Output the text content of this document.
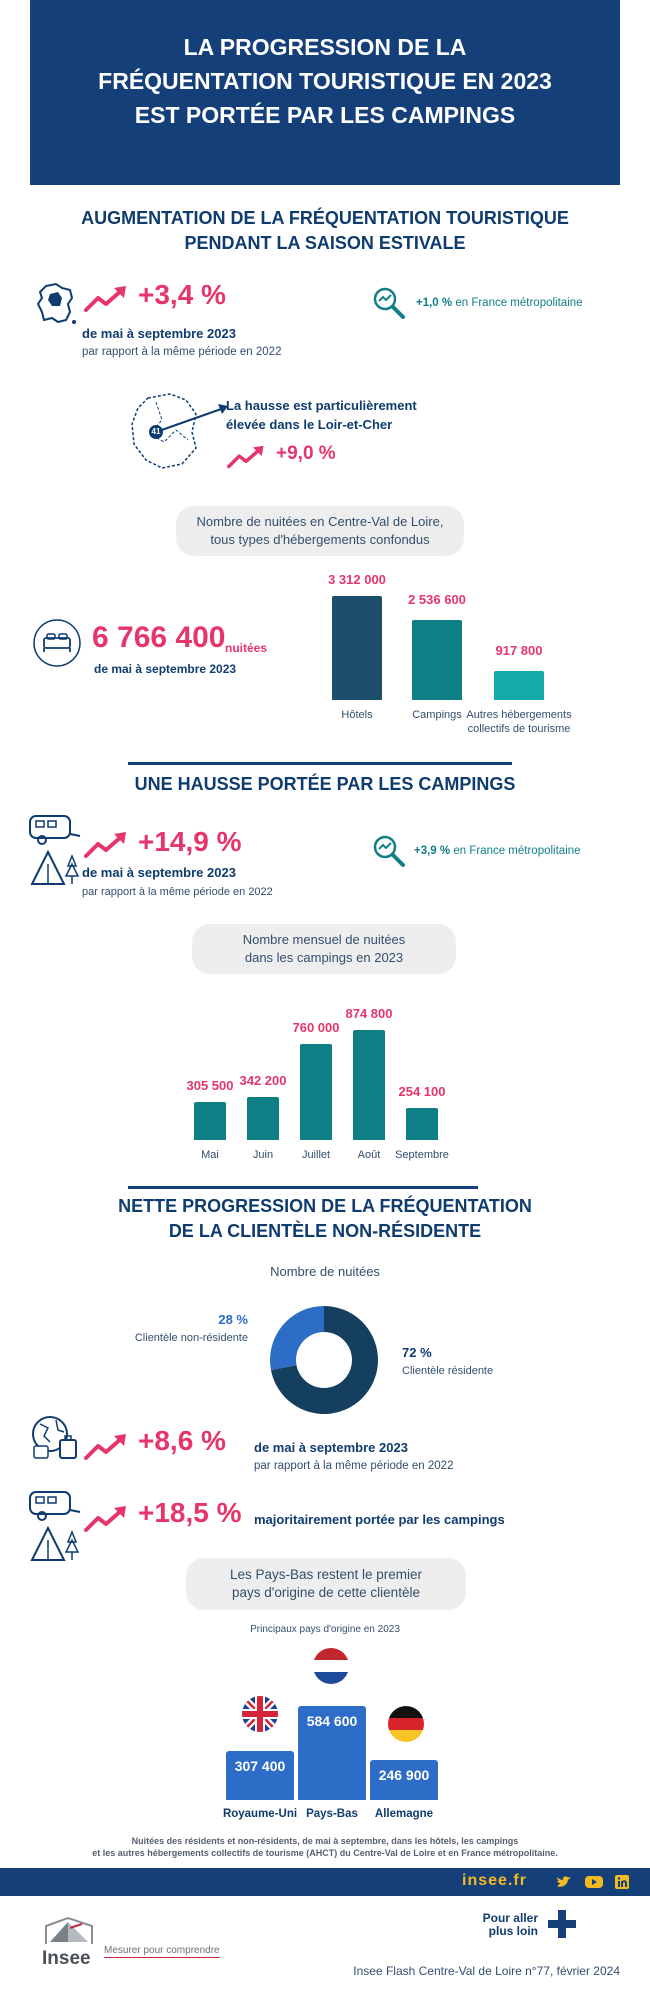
LA PROGRESSION DE LA
FRÉQUENTATION TOURISTIQUE EN 2023
EST PORTÉE PAR LES CAMPINGS
AUGMENTATION DE LA FRÉQUENTATION TOURISTIQUE
PENDANT LA SAISON ESTIVALE
+3,4 %
de mai à septembre 2023
par rapport à la même période en 2022
+1,0 % en France métropolitaine
41
La hausse est particulièrement
élevée dans le Loir-et-Cher
+9,0 %
Nombre de nuitées en Centre-Val de Loire,
tous types d'hébergements confondus
6 766 400 nuitées
de mai à septembre 2023
3 312 000
Hôtels
2 536 600
Campings
917 800
Autres hébergements
collectifs de tourisme
UNE HAUSSE PORTÉE PAR LES CAMPINGS
+14,9 %
de mai à septembre 2023
par rapport à la même période en 2022
+3,9 % en France métropolitaine
Nombre mensuel de nuitées
dans les campings en 2023
305 500
Mai
342 200
Juin
760 000
Juillet
874 800
Août
254 100
Septembre
NETTE PROGRESSION DE LA FRÉQUENTATION
DE LA CLIENTÈLE NON-RÉSIDENTE
Nombre de nuitées
28 %
Clientèle non-résidente
72 %
Clientèle résidente
+8,6 % de mai à septembre 2023
par rapport à la même période en 2022
+18,5 % majoritairement portée par les campings
Les Pays-Bas restent le premier
pays d'origine de cette clientèle
Principaux pays d'origine en 2023
307 400
Royaume-Uni
584 600
Pays-Bas
246 900
Allemagne
Nuitées des résidents et non-résidents, de mai à septembre, dans les hôtels, les campings
et les autres hébergements collectifs de tourisme (AHCT) du Centre-Val de Loire et en France métropolitaine.
insee.fr
Pour aller
plus loin
Insee Mesurer pour comprendre
Insee Flash Centre-Val de Loire n°77, février 2024
